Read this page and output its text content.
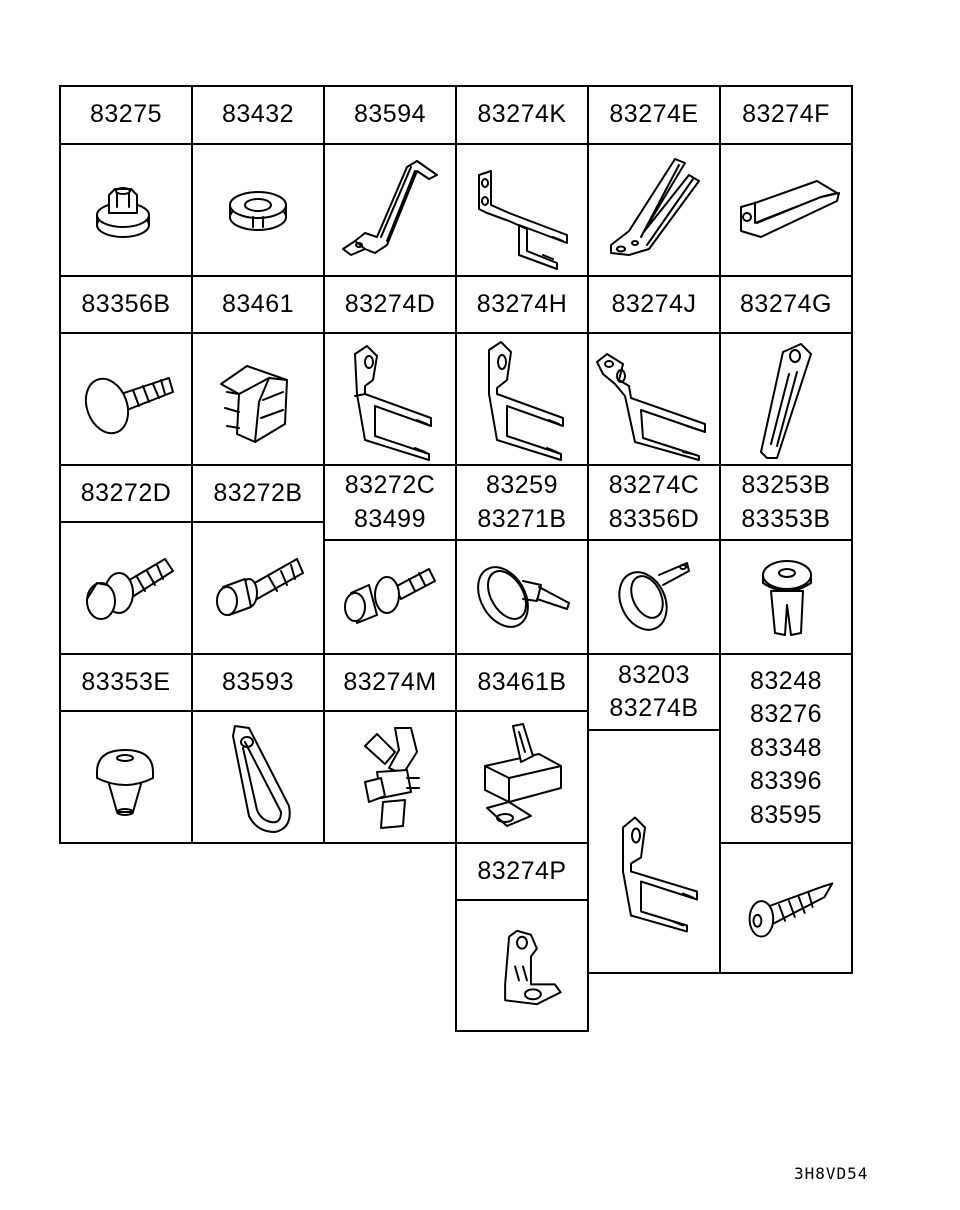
83275 83432 83594 83274K 83274E 83274F
83356B 83461 83274D 83274H 83274J 83274G
83272D 83272B 83272C
83499
83259
83271B
83274C
83356D
83253B
83353B
83353E 83593 83274M 83461B	83203
83274B
83248
83276
83348
83396
83595
83274P
3H8VD54
